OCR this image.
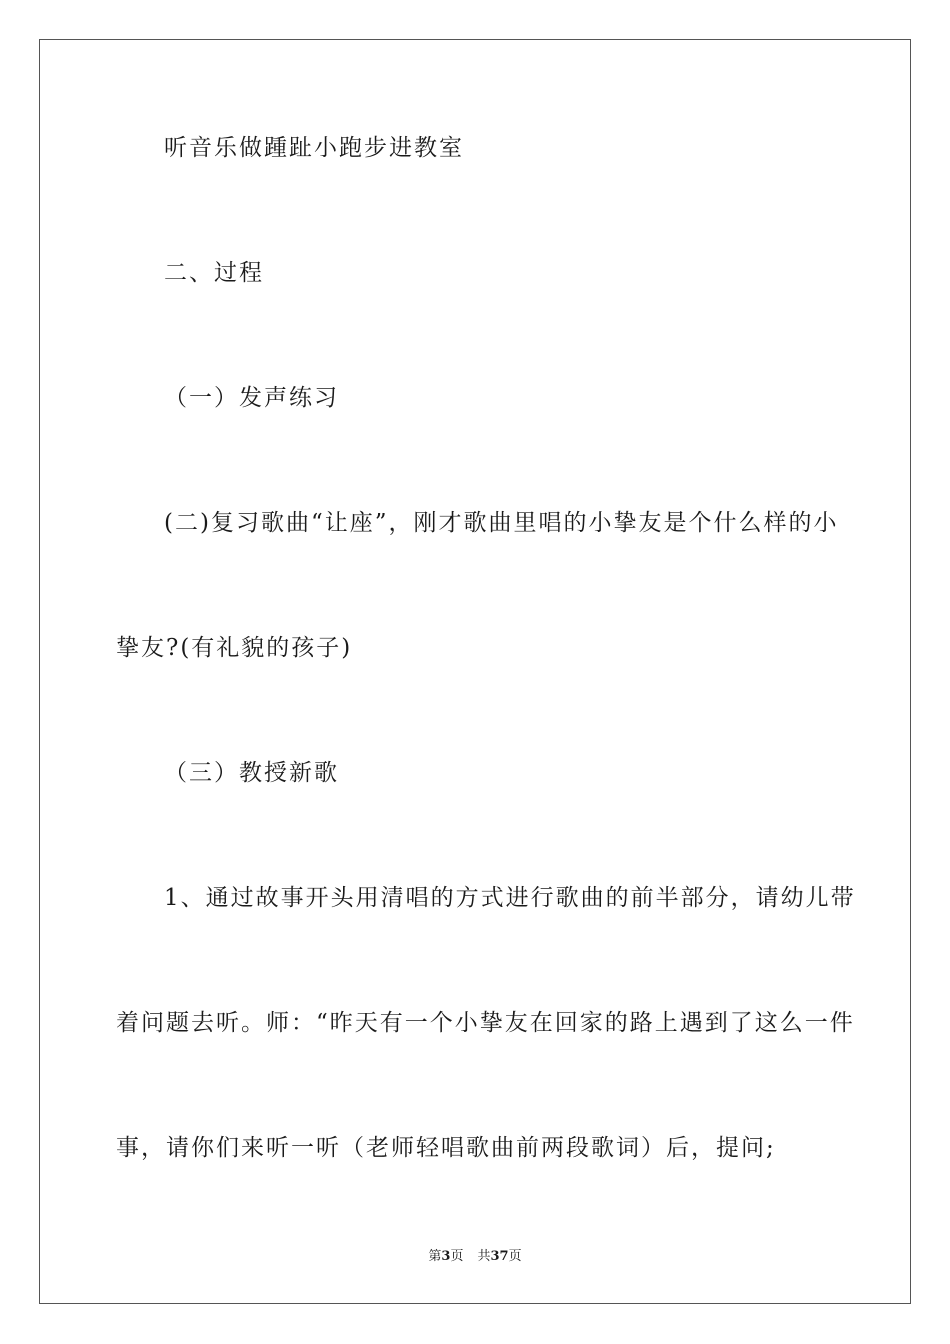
听音乐做踵趾小跑步进教室
二、过程
（一）发声练习
(二)复习歌曲“让座”，刚才歌曲里唱的小挚友是个什么样的小
挚友?(有礼貌的孩子)
（三）教授新歌
1、通过故事开头用清唱的方式进行歌曲的前半部分，请幼儿带
着问题去听。师：“昨天有一个小挚友在回家的路上遇到了这么一件
事，请你们来听一听（老师轻唱歌曲前两段歌词）后，提问;
第3页 共37页
